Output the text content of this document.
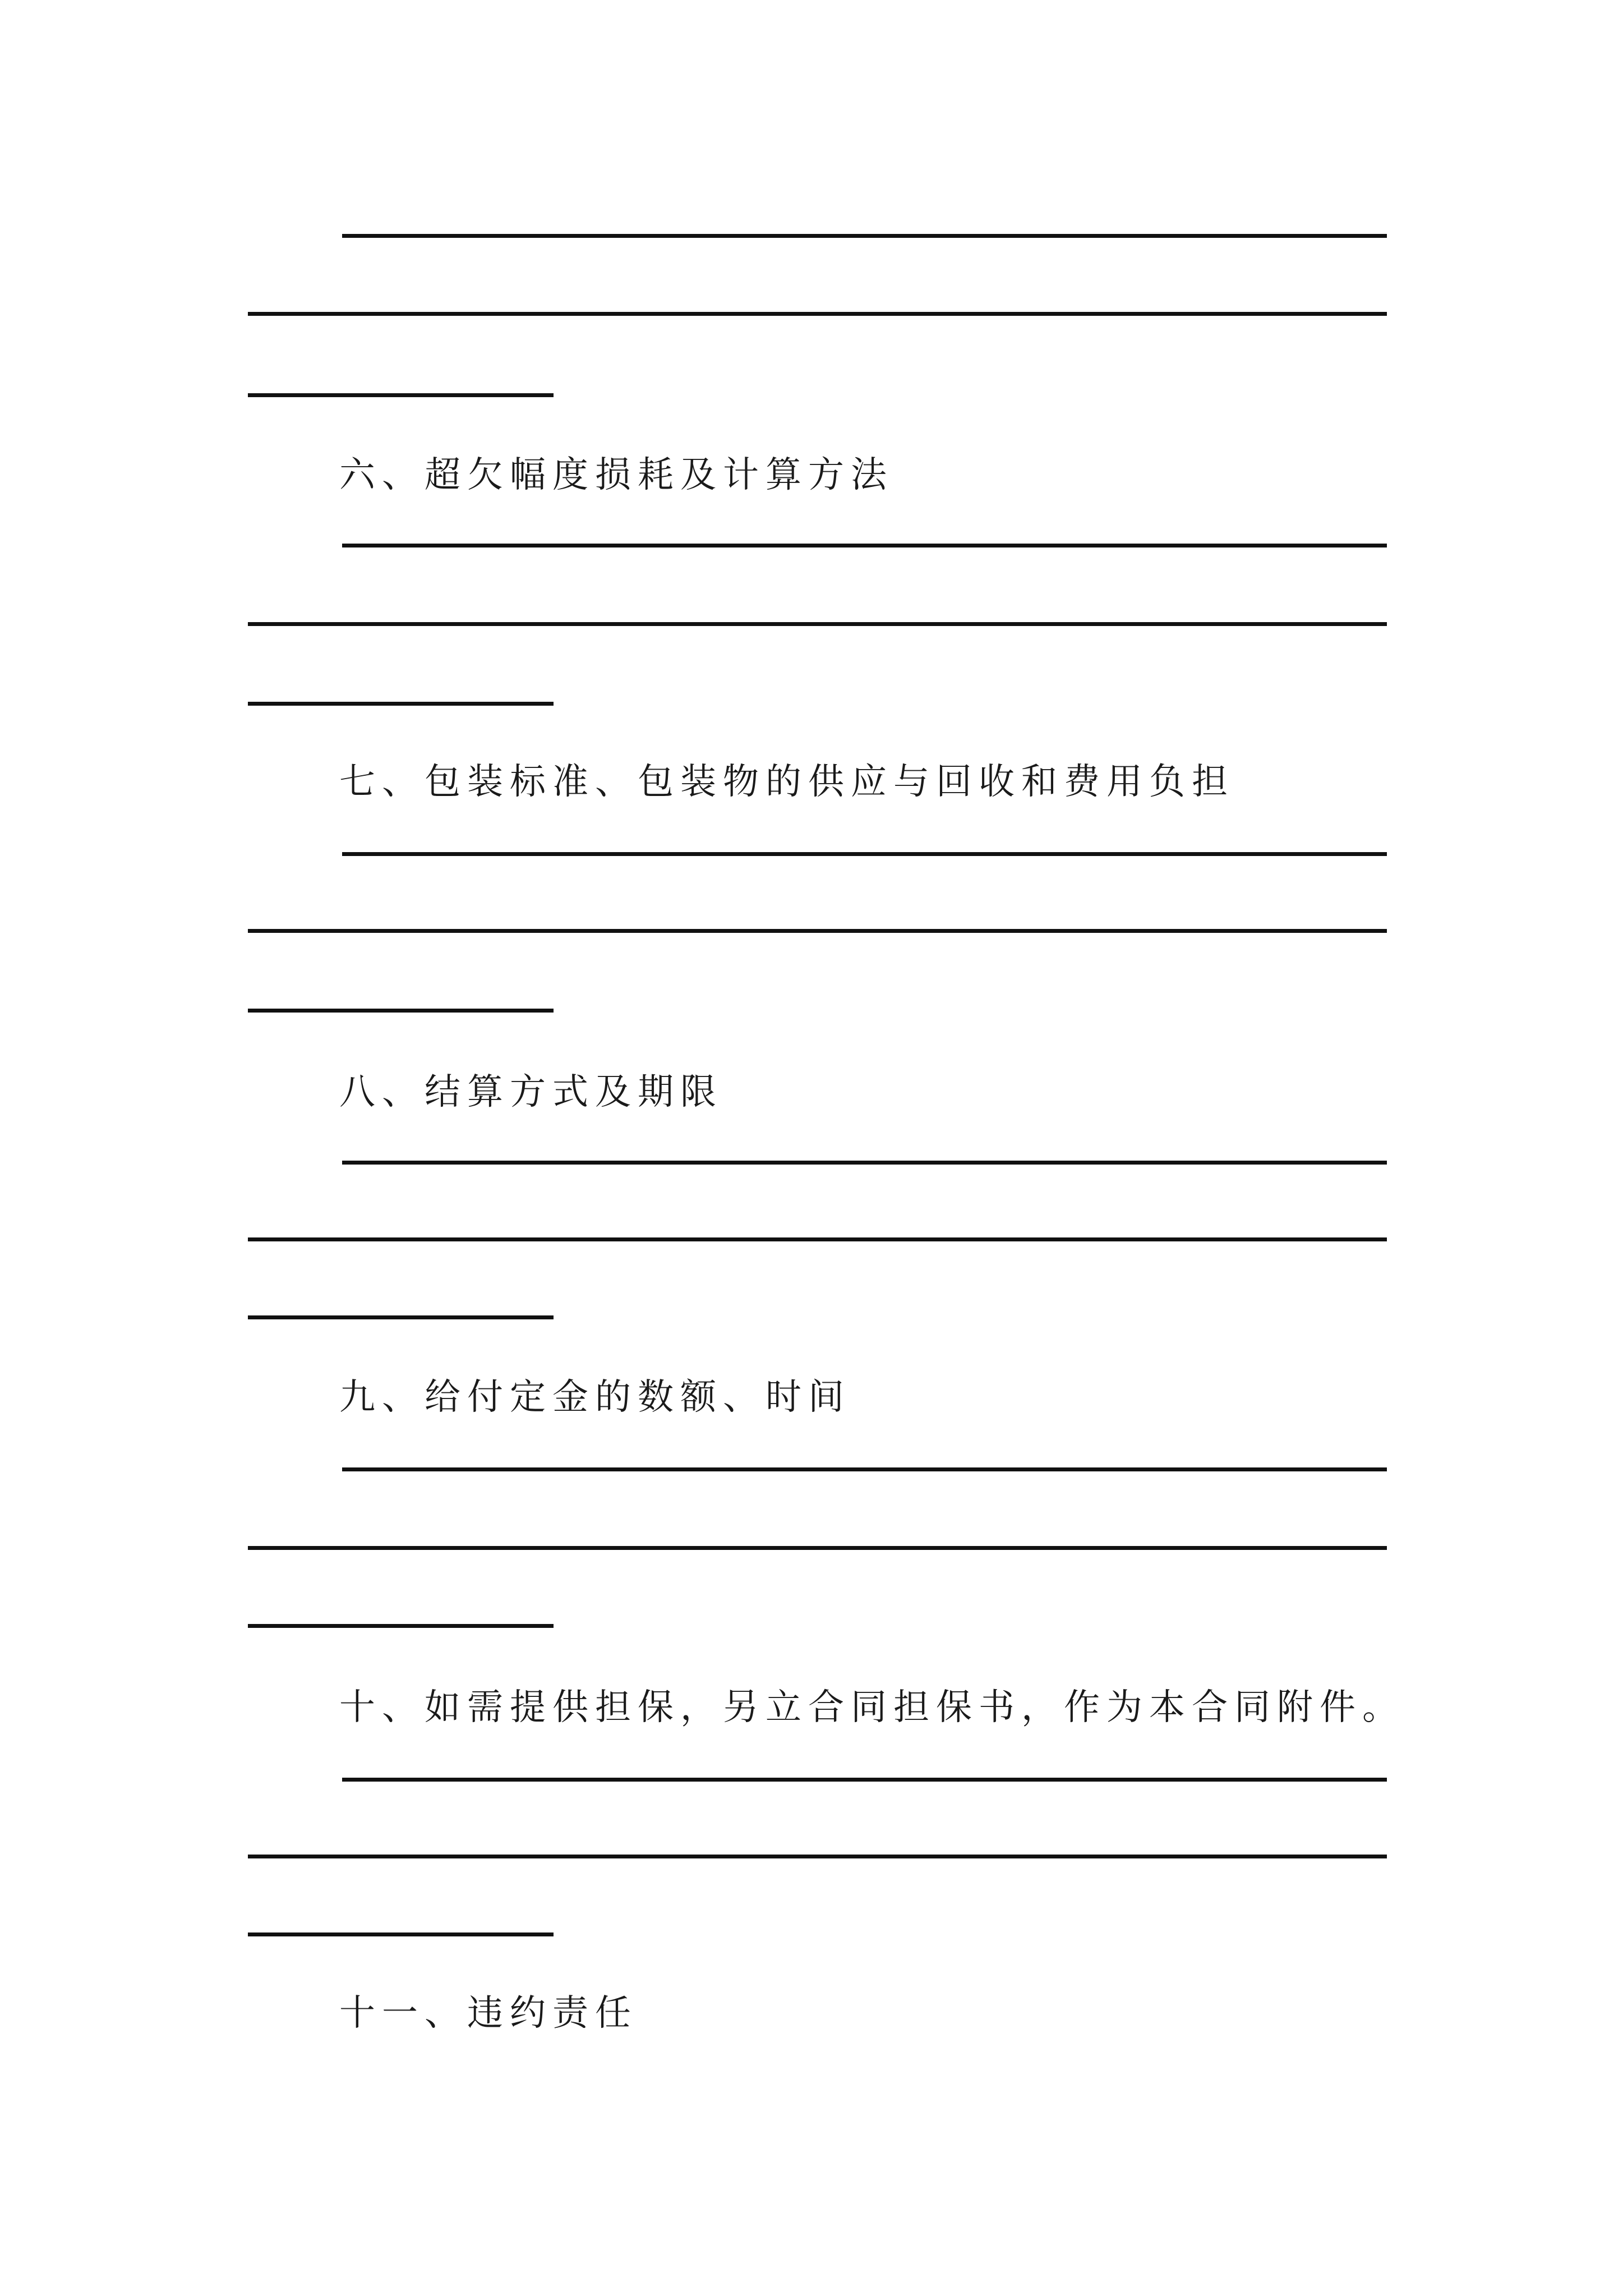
六、超欠幅度损耗及计算方法
七、包装标准、包装物的供应与回收和费用负担
八、结算方式及期限
九、给付定金的数额、时间
十、如需提供担保，另立合同担保书，作为本合同附件。
十一、违约责任
